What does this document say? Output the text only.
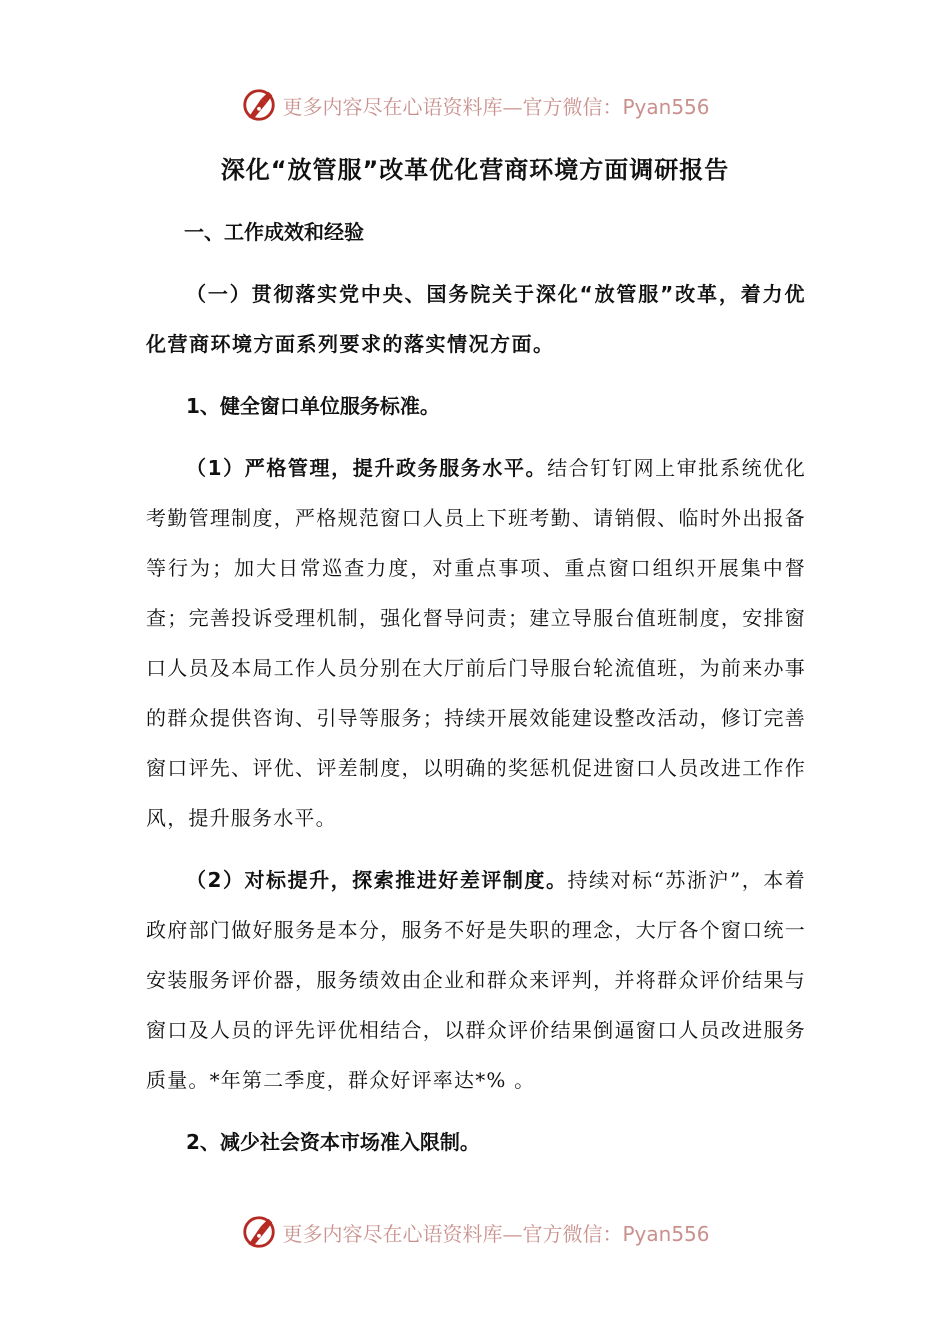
更多内容尽在心语资料库—官方微信：Pyan556
深化“放管服”改革优化营商环境方面调研报告

一、工作成效和经验

（一）贯彻落实党中央、国务院关于深化“放管服”改革，着力优化营商环境方面系列要求的落实情况方面。

1、健全窗口单位服务标准。

（1）严格管理，提升政务服务水平。结合钉钉网上审批系统优化考勤管理制度，严格规范窗口人员上下班考勤、请销假、临时外出报备等行为；加大日常巡查力度，对重点事项、重点窗口组织开展集中督查；完善投诉受理机制，强化督导问责；建立导服台值班制度，安排窗口人员及本局工作人员分别在大厅前后门导服台轮流值班，为前来办事的群众提供咨询、引导等服务；持续开展效能建设整改活动，修订完善窗口评先、评优、评差制度，以明确的奖惩机促进窗口人员改进工作作风，提升服务水平。

（2）对标提升，探索推进好差评制度。持续对标“苏浙沪”，本着政府部门做好服务是本分，服务不好是失职的理念，大厅各个窗口统一安装服务评价器，服务绩效由企业和群众来评判，并将群众评价结果与窗口及人员的评先评优相结合，以群众评价结果倒逼窗口人员改进服务质量。*年第二季度，群众好评率达*% 。

2、减少社会资本市场准入限制。

更多内容尽在心语资料库—官方微信：Pyan556
